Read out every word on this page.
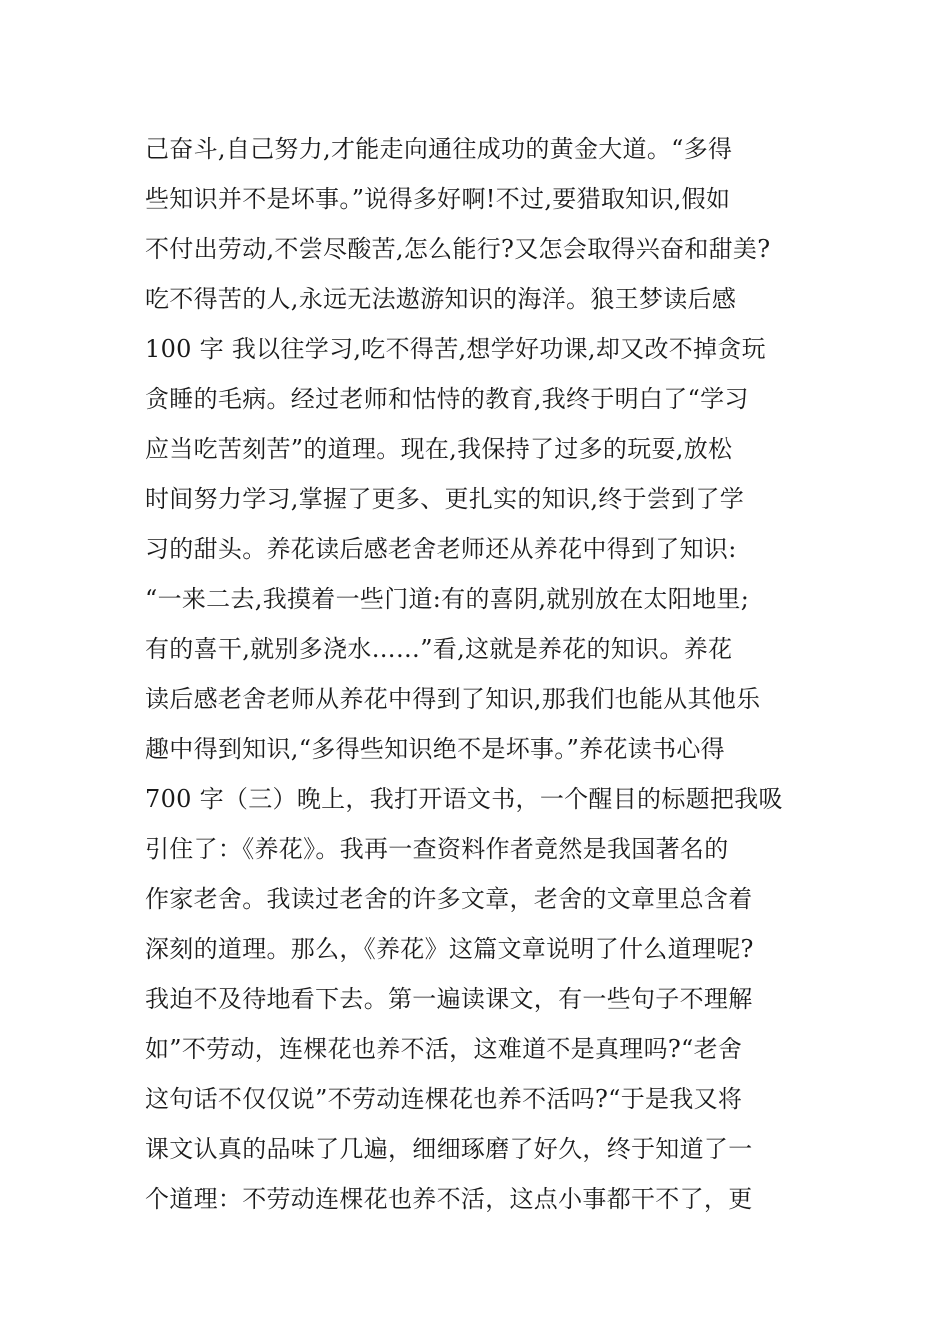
己奋斗,自己努力,才能走向通往成功的黄金大道。“多得
些知识并不是坏事。”说得多好啊!不过,要猎取知识,假如
不付出劳动,不尝尽酸苦,怎么能行?又怎会取得兴奋和甜美?
吃不得苦的人,永远无法遨游知识的海洋。狼王梦读后感
100 字 我以往学习,吃不得苦,想学好功课,却又改不掉贪玩
贪睡的毛病。经过老师和怙恃的教育,我终于明白了“学习
应当吃苦刻苦”的道理。现在,我保持了过多的玩耍,放松
时间努力学习,掌握了更多、更扎实的知识,终于尝到了学
习的甜头。养花读后感老舍老师还从养花中得到了知识:
“一来二去,我摸着一些门道:有的喜阴,就别放在太阳地里;
有的喜干,就别多浇水……”看,这就是养花的知识。养花
读后感老舍老师从养花中得到了知识,那我们也能从其他乐
趣中得到知识,“多得些知识绝不是坏事。”养花读书心得
700 字（三）晚上，我打开语文书，一个醒目的标题把我吸
引住了：《养花》。我再一查资料作者竟然是我国著名的
作家老舍。我读过老舍的许多文章，老舍的文章里总含着
深刻的道理。那么，《养花》这篇文章说明了什么道理呢?
我迫不及待地看下去。第一遍读课文，有一些句子不理解
如”不劳动，连棵花也养不活，这难道不是真理吗?“老舍
这句话不仅仅说”不劳动连棵花也养不活吗?“于是我又将
课文认真的品味了几遍，细细琢磨了好久，终于知道了一
个道理：不劳动连棵花也养不活，这点小事都干不了，更
